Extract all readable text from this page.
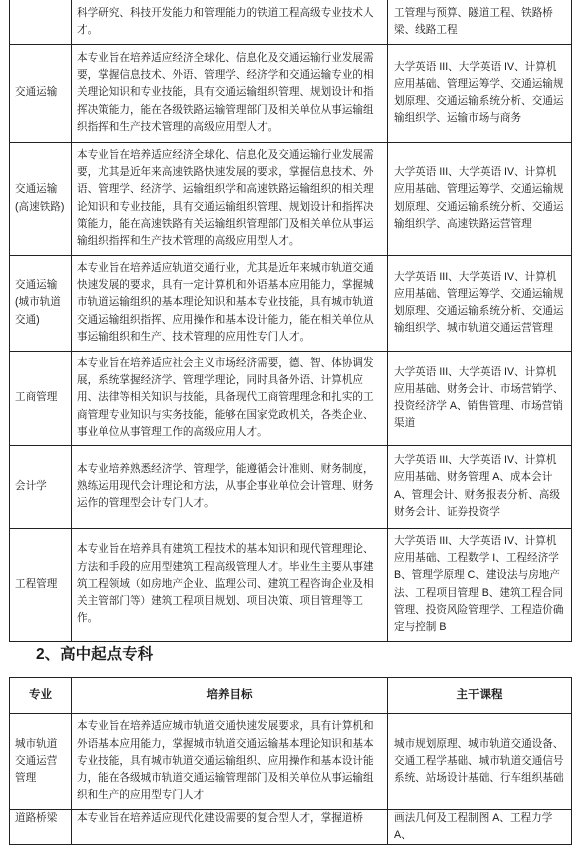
	科学研究、科技开发能力和管理能力的铁道工程高级专业技术人才。	工管理与预算、隧道工程、铁路桥梁、线路工程
交通运输	本专业旨在培养适应经济全球化、信息化及交通运输行业发展需要，掌握信息技术、外语、管理学、经济学和交通运输专业的相关理论知识和专业技能，具有交通运输组织管理、规划设计和指挥决策能力，能在各级铁路运输管理部门及相关单位从事运输组织指挥和生产技术管理的高级应用型人才。	大学英语 III、大学英语 IV、计算机应用基础、管理运筹学、交通运输规划原理、交通运输系统分析、交通运输组织学、运输市场与商务
交通运输(高速铁路)	本专业旨在培养适应经济全球化、信息化及交通运输行业发展需要，尤其是近年来高速铁路快速发展的要求，掌握信息技术、外语、管理学、经济学、运输组织学和高速铁路运输组织的相关理论知识和专业技能，具有交通运输组织管理、规划设计和指挥决策能力，能在高速铁路有关运输组织管理部门及相关单位从事运输组织指挥和生产技术管理的高级应用型人才。	大学英语 III、大学英语 IV、计算机应用基础、管理运筹学、交通运输规划原理、交通运输系统分析、交通运输组织学、高速铁路运营管理
交通运输(城市轨道交通)	本专业旨在培养适应轨道交通行业，尤其是近年来城市轨道交通快速发展的要求，具有一定计算机和外语基本应用能力，掌握城市轨道运输组织的基本理论知识和基本专业技能，具有城市轨道交通运输组织指挥、应用操作和基本设计能力，能在相关单位从事运输组织和生产、技术管理的应用性专门人才。	大学英语 III、大学英语 IV、计算机应用基础、管理运筹学、交通运输规划原理、交通运输系统分析、交通运输组织学、城市轨道交通运营管理
工商管理	本专业旨在培养适应社会主义市场经济需要，德、智、体协调发展，系统掌握经济学、管理学理论，同时具备外语、计算机应用、法律等相关知识与技能，具备现代工商管理理念和扎实的工商管理专业知识与实务技能，能够在国家党政机关，各类企业、事业单位从事管理工作的高级应用人才。	大学英语 III、大学英语 IV、计算机应用基础、财务会计、市场营销学、投资经济学 A、销售管理、市场营销渠道
会计学	本专业培养熟悉经济学、管理学，能遵循会计准则、财务制度，熟练运用现代会计理论和方法，从事企事业单位会计管理、财务运作的管理型会计专门人才。	大学英语 III、大学英语 IV、计算机应用基础、财务管理 A、成本会计 A、管理会计、财务报表分析、高级财务会计、证券投资学
工程管理	本专业旨在培养具有建筑工程技术的基本知识和现代管理理论、方法和手段的应用型建筑工程高级管理人才。毕业生主要从事建筑工程领域（如房地产企业、监理公司、建筑工程咨询企业及相关主管部门等）建筑工程项目规划、项目决策、项目管理等工作。	大学英语 III、大学英语 IV、计算机应用基础、工程数学 I、工程经济学 B、管理学原理 C、建设法与房地产法、工程项目管理 B、建筑工程合同管理、投资风险管理学、工程造价确定与控制 B
2、高中起点专科
专业	培养目标	主干课程
城市轨道交通运营管理	本专业旨在培养适应城市轨道交通快速发展要求，具有计算机和外语基本应用能力，掌握城市轨道交通运输基本理论知识和基本专业技能，具有城市轨道交通运输组织、应用操作和基本设计能力，能在各级城市轨道交通运输管理部门及相关单位从事运输组织和生产的应用型专门人才	城市规划原理、城市轨道交通设备、交通工程学基础、城市轨道交通信号系统、站场设计基础、行车组织基础
道路桥梁	本专业旨在培养适应现代化建设需要的复合型人才，掌握道桥	画法几何及工程制图 A、工程力学 A、
